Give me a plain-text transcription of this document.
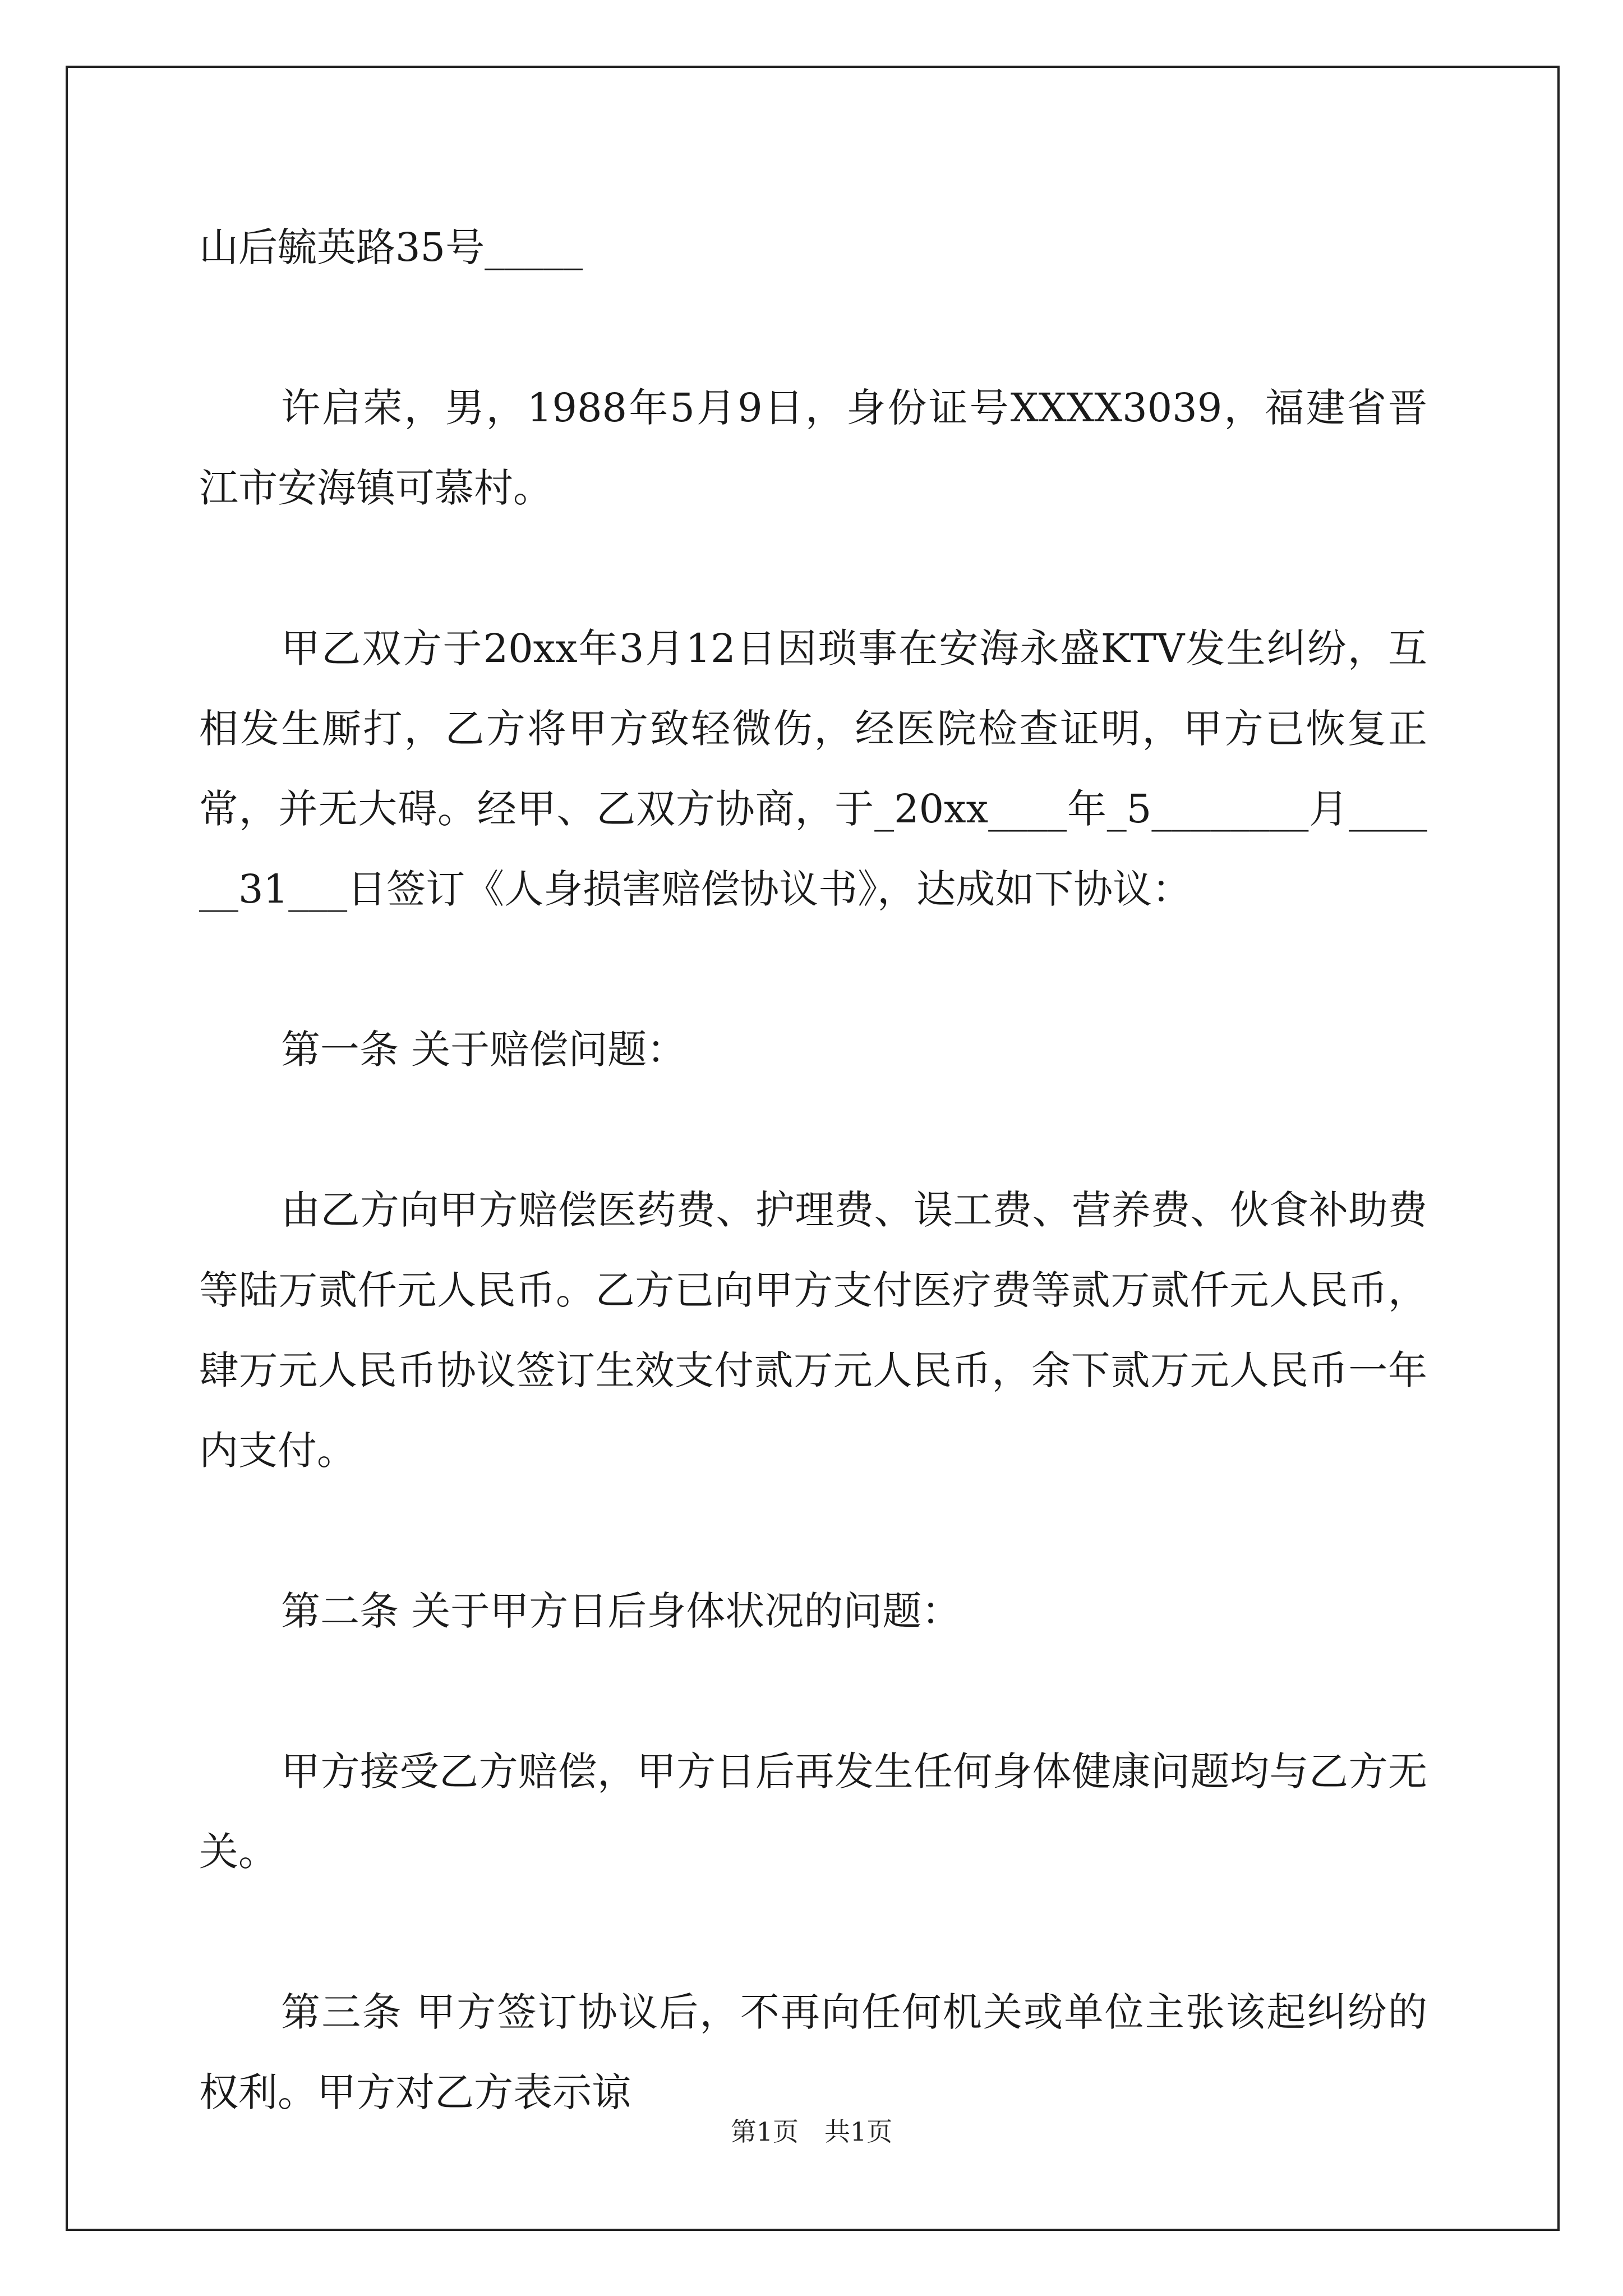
山后毓英路35号_____

许启荣，男，1988年5月9日，身份证号XXXX3039，福建省晋江市安海镇可慕村。

甲乙双方于20xx年3月12日因琐事在安海永盛KTV发生纠纷，互相发生厮打，乙方将甲方致轻微伤，经医院检查证明，甲方已恢复正常，并无大碍。经甲、乙双方协商，于_20xx____年_5________月______31___日签订《人身损害赔偿协议书》，达成如下协议：

第一条 关于赔偿问题：

由乙方向甲方赔偿医药费、护理费、误工费、营养费、伙食补助费等陆万贰仟元人民币。乙方已向甲方支付医疗费等贰万贰仟元人民币，肆万元人民币协议签订生效支付贰万元人民币，余下贰万元人民币一年内支付。

第二条 关于甲方日后身体状况的问题：

甲方接受乙方赔偿，甲方日后再发生任何身体健康问题均与乙方无关。

第三条 甲方签订协议后，不再向任何机关或单位主张该起纠纷的权利。甲方对乙方表示谅

第1页　共1页
